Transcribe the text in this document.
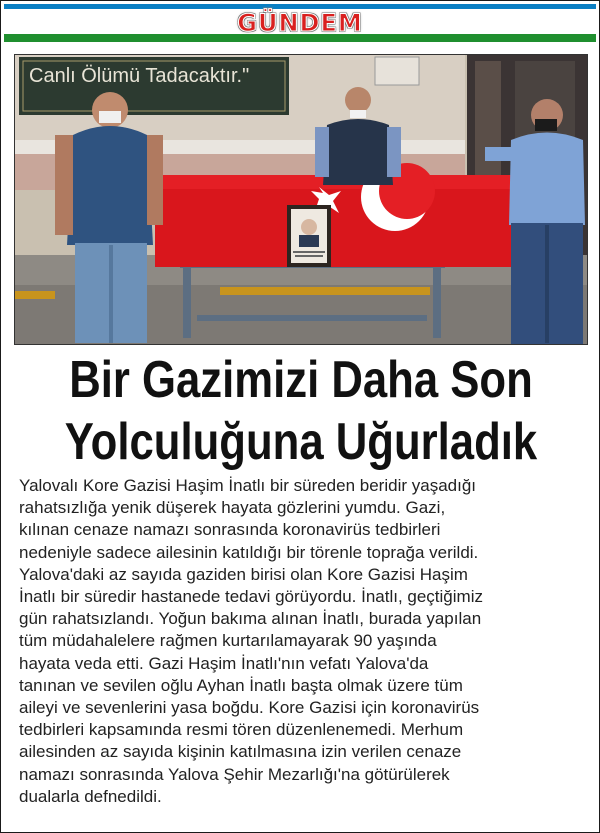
GÜNDEM
Canlı Ölümü Tadacaktır."
Bir Gazimizi Daha Son
Yolculuğuna Uğurladık
Yalovalı Kore Gazisi Haşim İnatlı bir süreden beridir yaşadığı
rahatsızlığa yenik düşerek hayata gözlerini yumdu. Gazi,
kılınan cenaze namazı sonrasında koronavirüs tedbirleri
nedeniyle sadece ailesinin katıldığı bir törenle toprağa verildi.
Yalova'daki az sayıda gaziden birisi olan Kore Gazisi Haşim
İnatlı bir süredir hastanede tedavi görüyordu. İnatlı, geçtiğimiz
gün rahatsızlandı. Yoğun bakıma alınan İnatlı, burada yapılan
tüm müdahalelere rağmen kurtarılamayarak 90 yaşında
hayata veda etti. Gazi Haşim İnatlı'nın vefatı Yalova'da
tanınan ve sevilen oğlu Ayhan İnatlı başta olmak üzere tüm
aileyi ve sevenlerini yasa boğdu. Kore Gazisi için koronavirüs
tedbirleri kapsamında resmi tören düzenlenemedi. Merhum
ailesinden az sayıda kişinin katılmasına izin verilen cenaze
namazı sonrasında Yalova Şehir Mezarlığı'na götürülerek
dualarla defnedildi.
